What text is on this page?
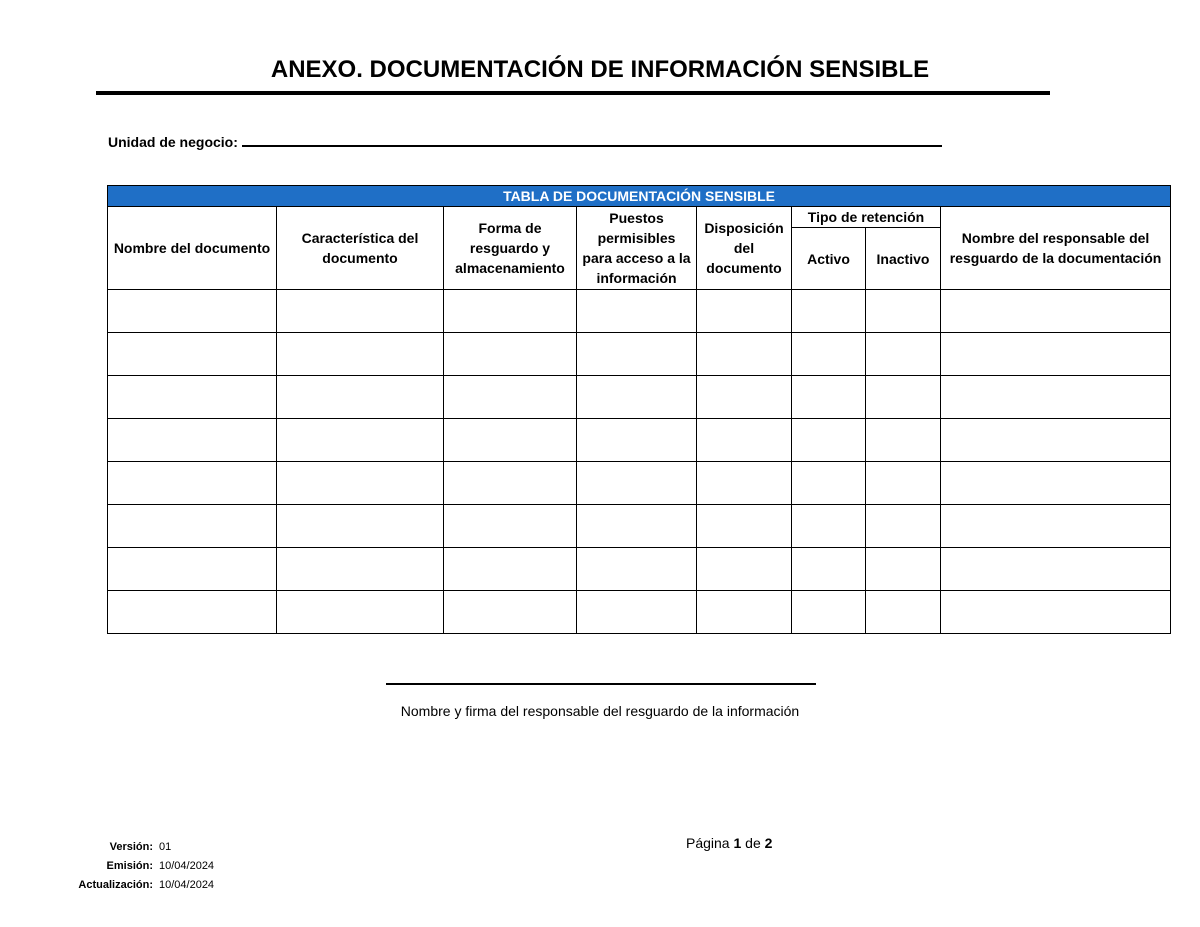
ANEXO. DOCUMENTACIÓN DE INFORMACIÓN SENSIBLE
Unidad de negocio:
TABLA DE DOCUMENTACIÓN SENSIBLE							
Nombre del documento	Característica del documento	Forma de resguardo y almacenamiento	Puestos permisibles para acceso a la información	Disposición del documento	Tipo de retención		Nombre del responsable del resguardo de la documentación
					Activo	Inactivo	

Nombre y firma del responsable del resguardo de la información
Página 1 de 2
Versión: 01
Emisión: 10/04/2024
Actualización: 10/04/2024
